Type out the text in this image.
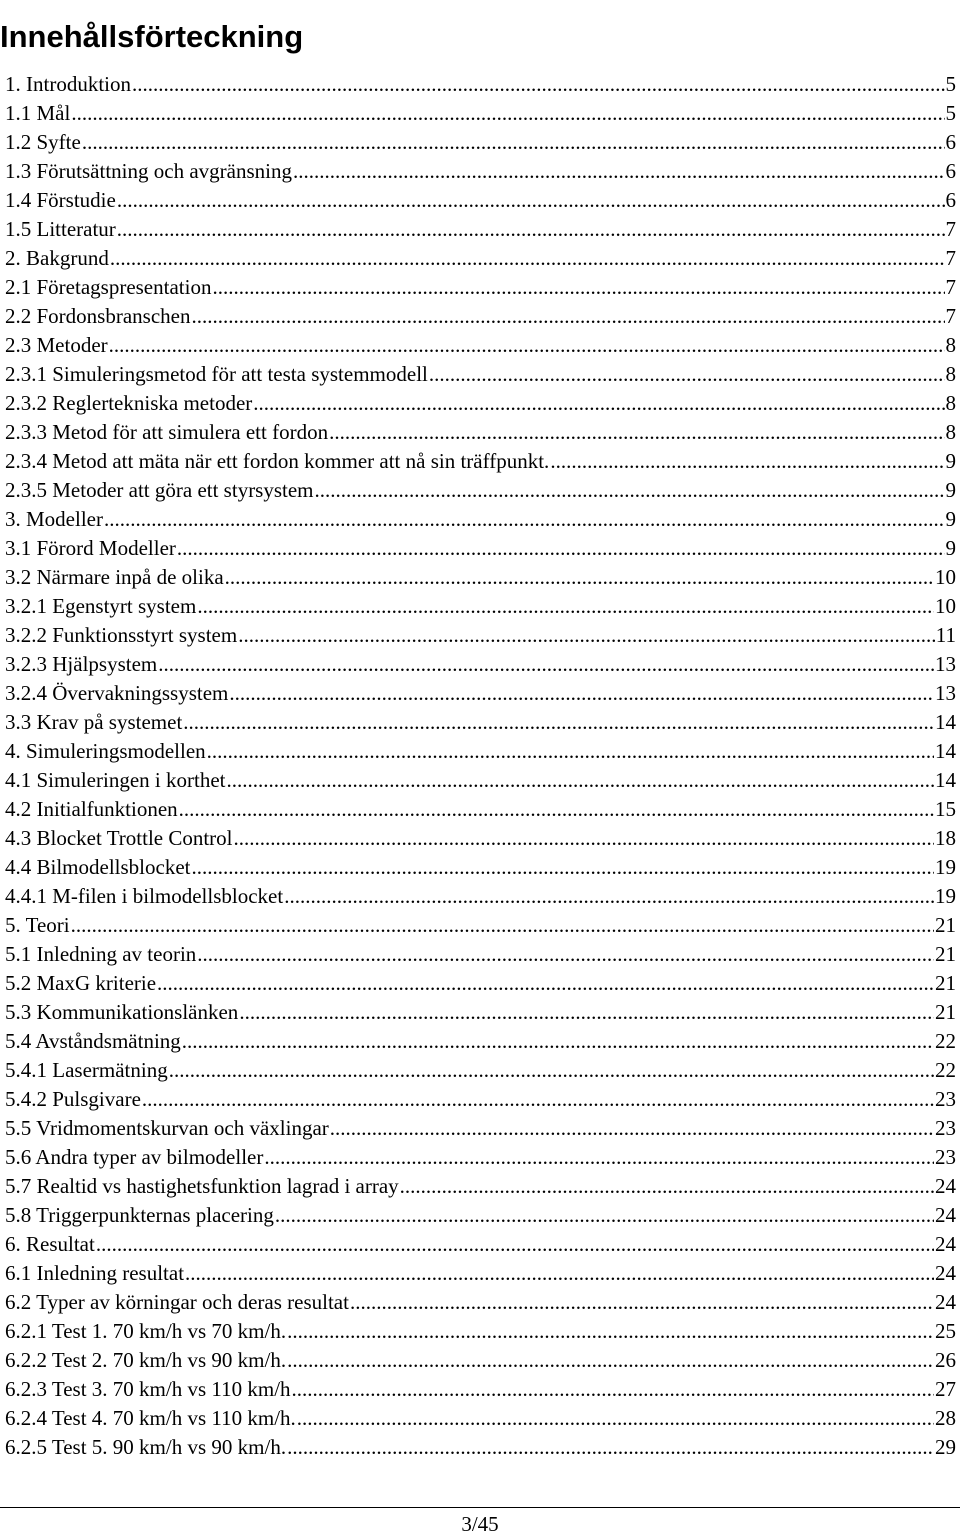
Innehållsförteckning
1. Introduktion .....	5
1.1 Mål .....	5
1.2 Syfte .....	6
1.3 Förutsättning och avgränsning .....	6
1.4 Förstudie .....	6
1.5 Litteratur .....	7
2. Bakgrund .....	7
2.1 Företagspresentation .....	7
2.2 Fordonsbranschen .....	7
2.3 Metoder .....	8
2.3.1 Simuleringsmetod för att testa systemmodell .....	8
2.3.2 Reglertekniska metoder .....	8
2.3.3 Metod för att simulera ett fordon .....	8
2.3.4 Metod att mäta när ett fordon kommer att nå sin träffpunkt. .....	9
2.3.5 Metoder att göra ett styrsystem .....	9
3. Modeller .....	9
3.1 Förord Modeller .....	9
3.2 Närmare inpå de olika .....	10
3.2.1 Egenstyrt system .....	10
3.2.2 Funktionsstyrt system .....	11
3.2.3 Hjälpsystem .....	13
3.2.4 Övervakningssystem .....	13
3.3 Krav på systemet .....	14
4. Simuleringsmodellen .....	14
4.1 Simuleringen i korthet .....	14
4.2 Initialfunktionen .....	15
4.3 Blocket Trottle Control .....	18
4.4 Bilmodellsblocket .....	19
4.4.1 M-filen i bilmodellsblocket .....	19
5. Teori .....	21
5.1 Inledning av teorin .....	21
5.2 MaxG kriterie .....	21
5.3 Kommunikationslänken .....	21
5.4 Avståndsmätning .....	22
5.4.1 Lasermätning .....	22
5.4.2 Pulsgivare .....	23
5.5 Vridmomentskurvan och växlingar .....	23
5.6 Andra typer av bilmodeller .....	23
5.7 Realtid vs hastighetsfunktion lagrad i array .....	24
5.8 Triggerpunkternas placering .....	24
6. Resultat .....	24
6.1 Inledning resultat .....	24
6.2 Typer av körningar och deras resultat .....	24
6.2.1 Test 1. 70 km/h vs 70 km/h. .....	25
6.2.2 Test 2. 70 km/h vs 90 km/h. .....	26
6.2.3 Test 3. 70 km/h vs 110 km/h .....	27
6.2.4 Test 4. 70 km/h vs 110 km/h. .....	28
6.2.5 Test 5. 90 km/h vs 90 km/h. .....	29
3/45
